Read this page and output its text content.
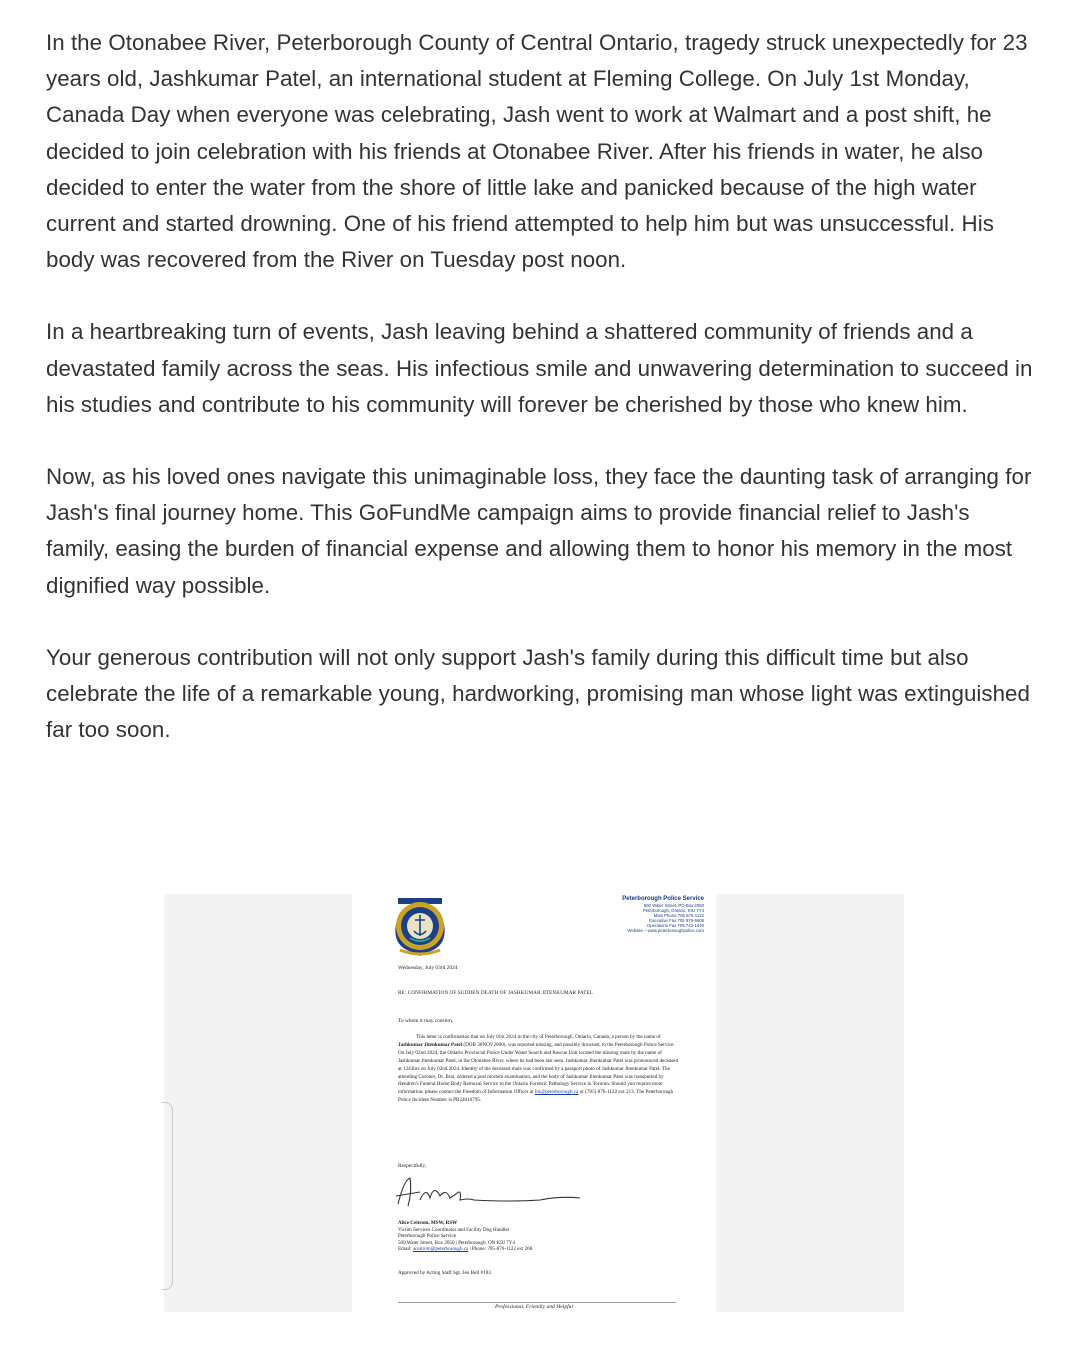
In the Otonabee River, Peterborough County of Central Ontario, tragedy struck unexpectedly for 23 years old, Jashkumar Patel, an international student at Fleming College. On July 1st Monday, Canada Day when everyone was celebrating, Jash went to work at Walmart and a post shift, he decided to join celebration with his friends at Otonabee River. After his friends in water, he also decided to enter the water from the shore of little lake and panicked because of the high water current and started drowning. One of his friend attempted to help him but was unsuccessful. His body was recovered from the River on Tuesday post noon.

In a heartbreaking turn of events, Jash leaving behind a shattered community of friends and a devastated family across the seas. His infectious smile and unwavering determination to succeed in his studies and contribute to his community will forever be cherished by those who knew him.

Now, as his loved ones navigate this unimaginable loss, they face the daunting task of arranging for Jash's final journey home. This GoFundMe campaign aims to provide financial relief to Jash's family, easing the burden of financial expense and allowing them to honor his memory in the most dignified way possible.

Your generous contribution will not only support Jash's family during this difficult time but also celebrate the life of a remarkable young, hardworking, promising man whose light was extinguished far too soon.

Peterborough Police Service
500 Water Street, PO Box 2050
Peterborough, Ontario, K9J 7Y4
Main Phone 705 876-1122
Executive Fax 705 876-6605
Operations Fax 705 743-1540
Website – www.peterboroughpolice.com
Wednesday, July 03rd 2024
RE: CONFIRMATION OF SUDDEN DEATH OF JASHKUMAR JITENKUMAR PATEL
To whom it may concern,

This letter is confirmation that on July 01st 2024 in the city of Peterborough, Ontario, Canada, a person by the name of Jashkumar Jitenkumar Patel (DOB 30NOV2000), was reported missing, and possibly drowned, to the Peterborough Police Service. On July 02nd 2024, the Ontario Provincial Police Under Water Search and Rescue Unit located the missing male by the name of Jashkumar Jitenkumar Patel, in the Otonabee River, where he had been last seen. Jashkumar Jitenkumar Patel was pronounced deceased at 1243hrs on July 02nd 2024. Identity of the deceased male was confirmed by a passport photo of Jashkumar Jitenkumar Patel. The attending Coroner, Dr. Brar, ordered a post mortem examination, and the body of Jashkumar Jitenkumar Patel was transported by Hendren's Funeral Home Body Removal Service to the Ontario Forensic Pathology Service in Toronto. Should you require more information, please contact the Freedom of Information Officer at foi@peterborough.ca or (705) 876-1122 ext 213. The Peterborough Police Incident Number is PB24016795.

Respectfully,
Alice Ceitrom, MSW, RSW
Victim Services Coordinator and Facility Dog Handler
Peterborough Police Service
500 Water Street, Box 2050 | Peterborough, ON K9J 7Y4
Email: aceitrom@peterborough.ca | Phone: 705-876-1122 ext 268
Approved by Acting Staff Sgt. Jen Bell #183
Professional, Friendly and Helpful
